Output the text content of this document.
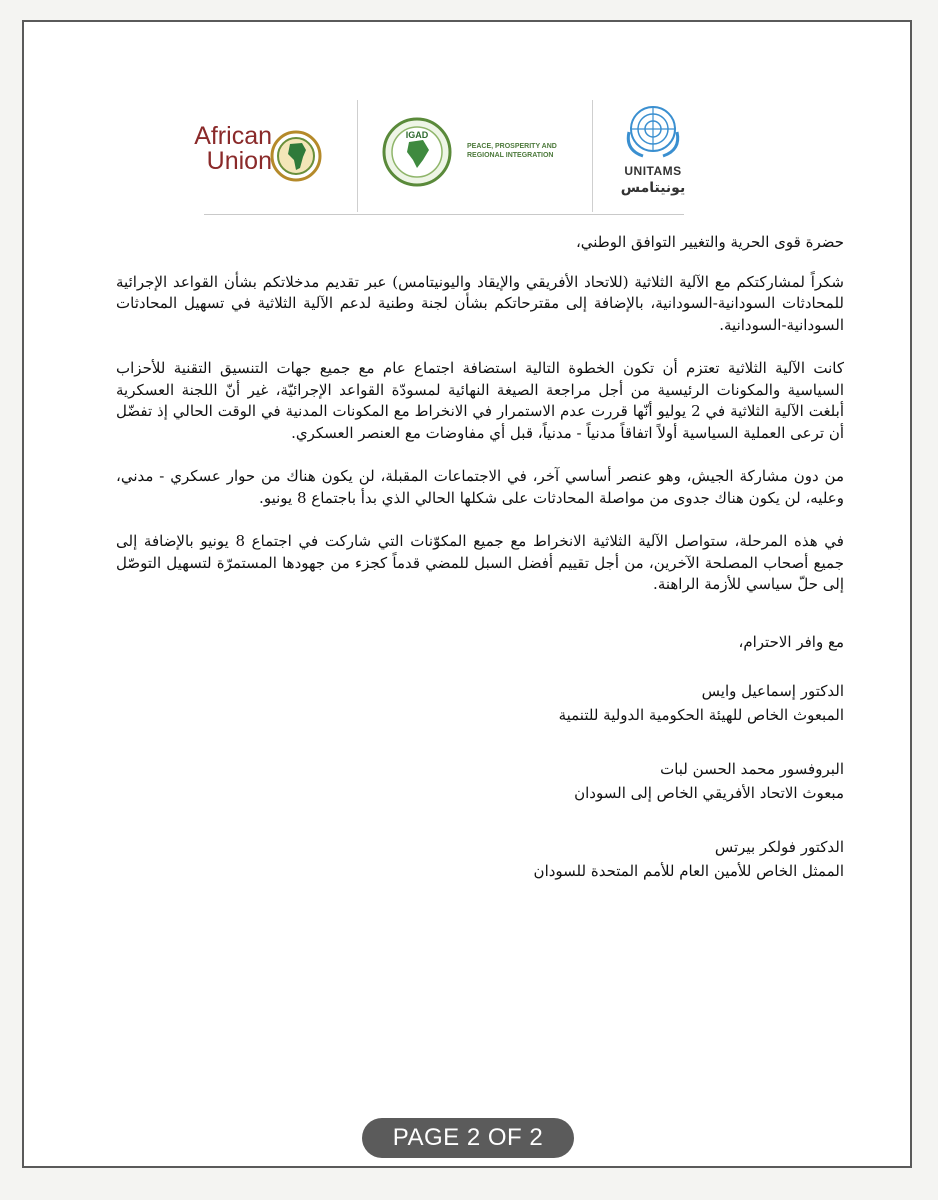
African
Union
IGAD
PEACE, PROSPERITY AND
REGIONAL INTEGRATION
UNITAMS
يونيتامس

حضرة قوى الحرية والتغيير التوافق الوطني،

شكراً لمشاركتكم مع الآلية الثلاثية (للاتحاد الأفريقي والإيقاد واليونيتامس) عبر تقديم مدخلاتكم بشأن القواعد الإجرائية للمحادثات السودانية-السودانية، بالإضافة إلى مقترحاتكم بشأن لجنة وطنية لدعم الآلية الثلاثية في تسهيل المحادثات السودانية-السودانية.

كانت الآلية الثلاثية تعتزم أن تكون الخطوة التالية استضافة اجتماع عام مع جميع جهات التنسيق التقنية للأحزاب السياسية والمكونات الرئيسية من أجل مراجعة الصيغة النهائية لمسودّة القواعد الإجرائيّة، غير أنّ اللجنة العسكرية أبلغت الآلية الثلاثية في 2 يوليو أنّها قررت عدم الاستمرار في الانخراط مع المكونات المدنية في الوقت الحالي إذ تفضّل أن ترعى العملية السياسية أولاً اتفاقاً مدنياً - مدنياً، قبل أي مفاوضات مع العنصر العسكري.

من دون مشاركة الجيش، وهو عنصر أساسي آخر، في الاجتماعات المقبلة، لن يكون هناك من حوار عسكري - مدني، وعليه، لن يكون هناك جدوى من مواصلة المحادثات على شكلها الحالي الذي بدأ باجتماع 8 يونيو.

في هذه المرحلة، ستواصل الآلية الثلاثية الانخراط مع جميع المكوّنات التي شاركت في اجتماع 8 يونيو بالإضافة إلى جميع أصحاب المصلحة الآخرين، من أجل تقييم أفضل السبل للمضي قدماً كجزء من جهودها المستمرّة لتسهيل التوصّل إلى حلّ سياسي للأزمة الراهنة.

مع وافر الاحترام،

الدكتور إسماعيل وايس

المبعوث الخاص للهيئة الحكومية الدولية للتنمية

البروفسور محمد الحسن لبات

مبعوث الاتحاد الأفريقي الخاص إلى السودان

الدكتور فولكر بيرتس

الممثل الخاص للأمين العام للأمم المتحدة للسودان

PAGE 2 OF 2
